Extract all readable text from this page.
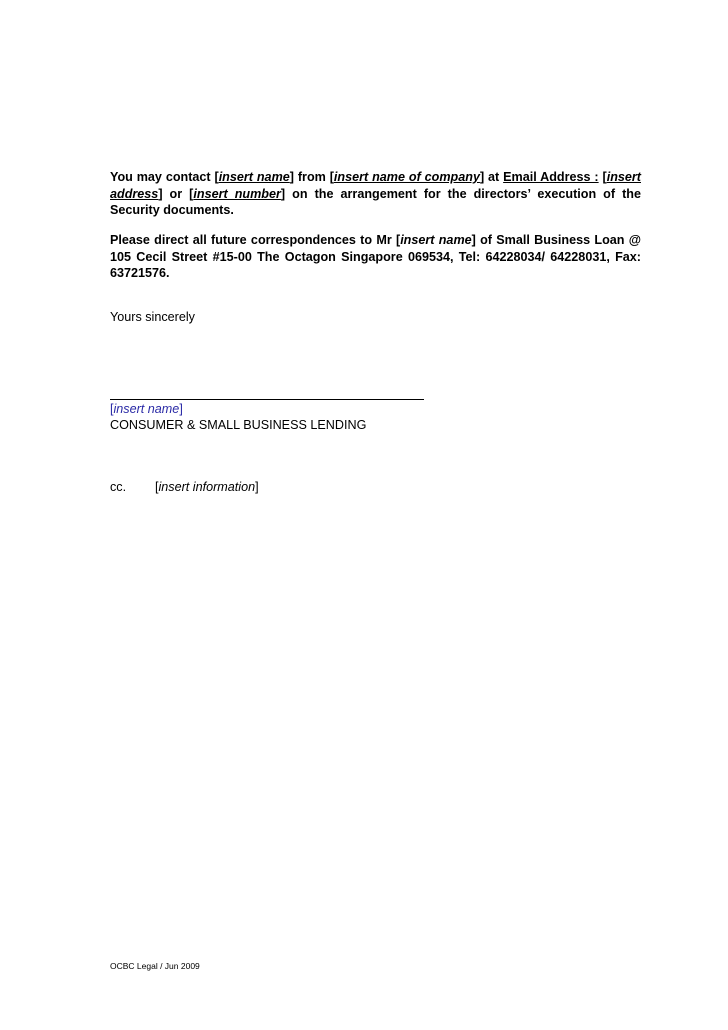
You may contact [insert name] from [insert name of company] at Email Address : [insert address] or [insert number] on the arrangement for the directors’ execution of the Security documents.

Please direct all future correspondences to Mr [insert name] of Small Business Loan @ 105 Cecil Street #15-00 The Octagon Singapore 069534, Tel: 64228034/ 64228031, Fax: 63721576.

Yours sincerely
[insert name]
CONSUMER & SMALL BUSINESS LENDING
cc. [insert information]
OCBC Legal / Jun 2009
